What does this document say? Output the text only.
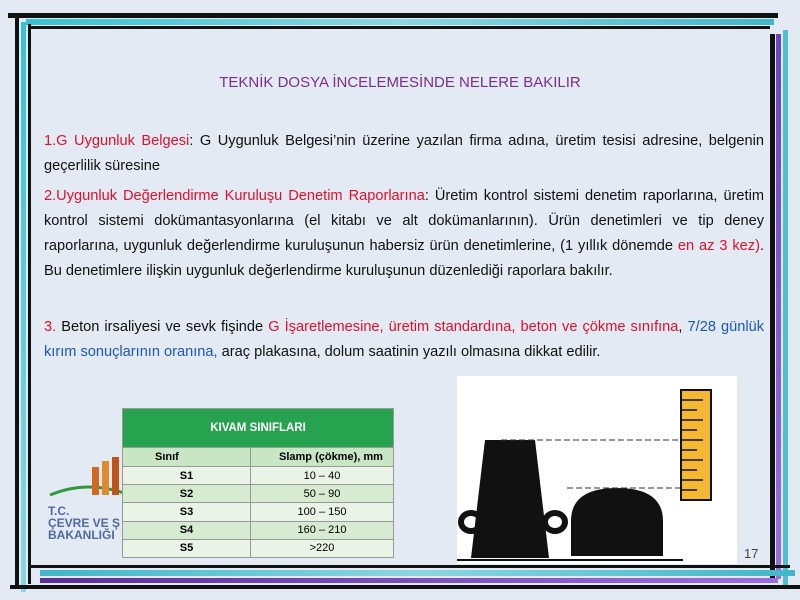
TEKNİK DOSYA İNCELEMESİNDE NELERE BAKILIR
1.G Uygunluk Belgesi: G Uygunluk Belgesi’nin üzerine yazılan firma adına, üretim tesisi adresine, belgenin geçerlilik süresine
2.Uygunluk Değerlendirme Kuruluşu Denetim Raporlarına: Üretim kontrol sistemi denetim raporlarına, üretim kontrol sistemi dokümantasyonlarına (el kitabı ve alt dokümanlarının). Ürün denetimleri ve tip deney raporlarına, uygunluk değerlendirme kuruluşunun habersiz ürün denetimlerine, (1 yıllık dönemde en az 3 kez). Bu denetimlere ilişkin uygunluk değerlendirme kuruluşunun düzenlediği raporlara bakılır.
3. Beton irsaliyesi ve sevk fişinde G İşaretlemesine, üretim standardına, beton ve çökme sınıfına, 7/28 günlük kırım sonuçlarının oranına, araç plakasına, dolum saatinin yazılı olmasına dikkat edilir.
T.C.
ÇEVRE VE Ş
BAKANLIĞI
KIVAM SINIFLARI	
Sınıf	Slamp (çökme), mm
S1	10 – 40
S2	50 – 90
S3	100 – 150
S4	160 – 210
S5	>220	17
